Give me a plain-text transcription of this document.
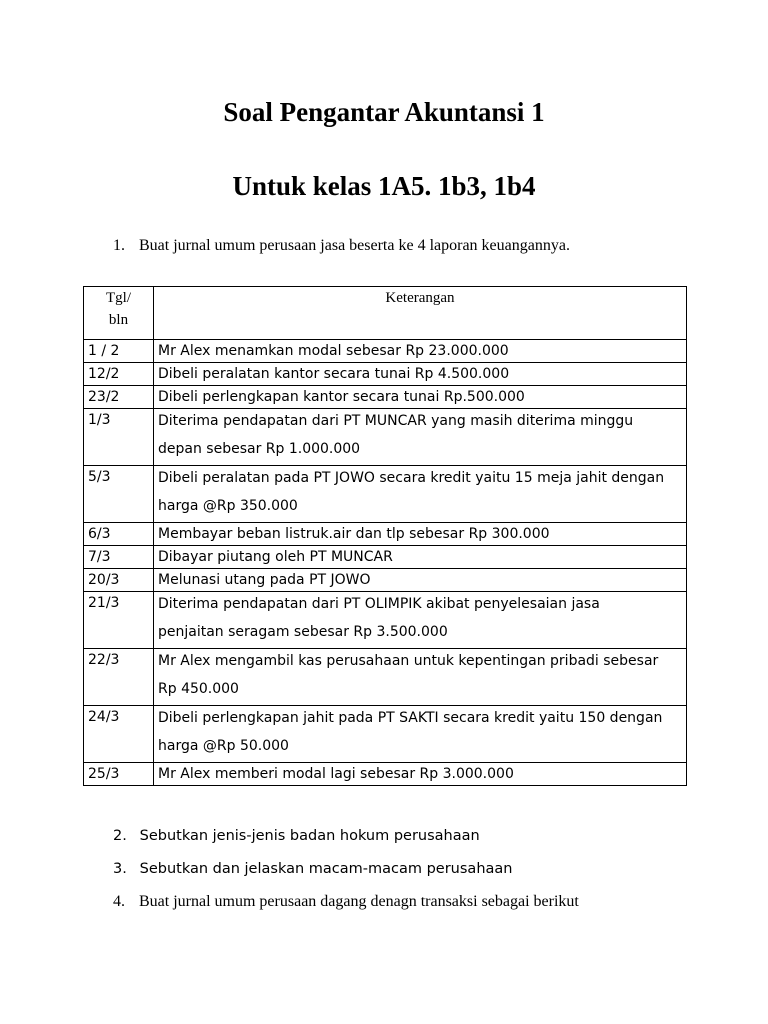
Soal Pengantar Akuntansi 1
Untuk kelas 1A5. 1b3, 1b4
1. Buat jurnal umum perusaan jasa beserta ke 4 laporan keuangannya.
Tgl/
bln	Keterangan
1 / 2	Mr Alex menamkan modal sebesar Rp 23.000.000
12/2	Dibeli peralatan kantor secara tunai Rp 4.500.000
23/2	Dibeli perlengkapan kantor secara tunai Rp.500.000
1/3	Diterima pendapatan dari PT MUNCAR yang masih diterima minggu
depan sebesar Rp 1.000.000

5/3	Dibeli peralatan pada PT JOWO secara kredit yaitu 15 meja jahit dengan
harga @Rp 350.000

6/3	Membayar beban listruk.air dan tlp sebesar Rp 300.000
7/3	Dibayar piutang oleh PT MUNCAR
20/3	Melunasi utang pada PT JOWO
21/3	Diterima pendapatan dari PT OLIMPIK akibat penyelesaian jasa
penjaitan seragam sebesar Rp 3.500.000

22/3	Mr Alex mengambil kas perusahaan untuk kepentingan pribadi sebesar
Rp 450.000

24/3	Dibeli perlengkapan jahit pada PT SAKTI secara kredit yaitu 150 dengan
harga @Rp 50.000

25/3	Mr Alex memberi modal lagi sebesar Rp 3.000.000
2. Sebutkan jenis-jenis badan hokum perusahaan
3. Sebutkan dan jelaskan macam-macam perusahaan
4. Buat jurnal umum perusaan dagang denagn transaksi sebagai berikut
